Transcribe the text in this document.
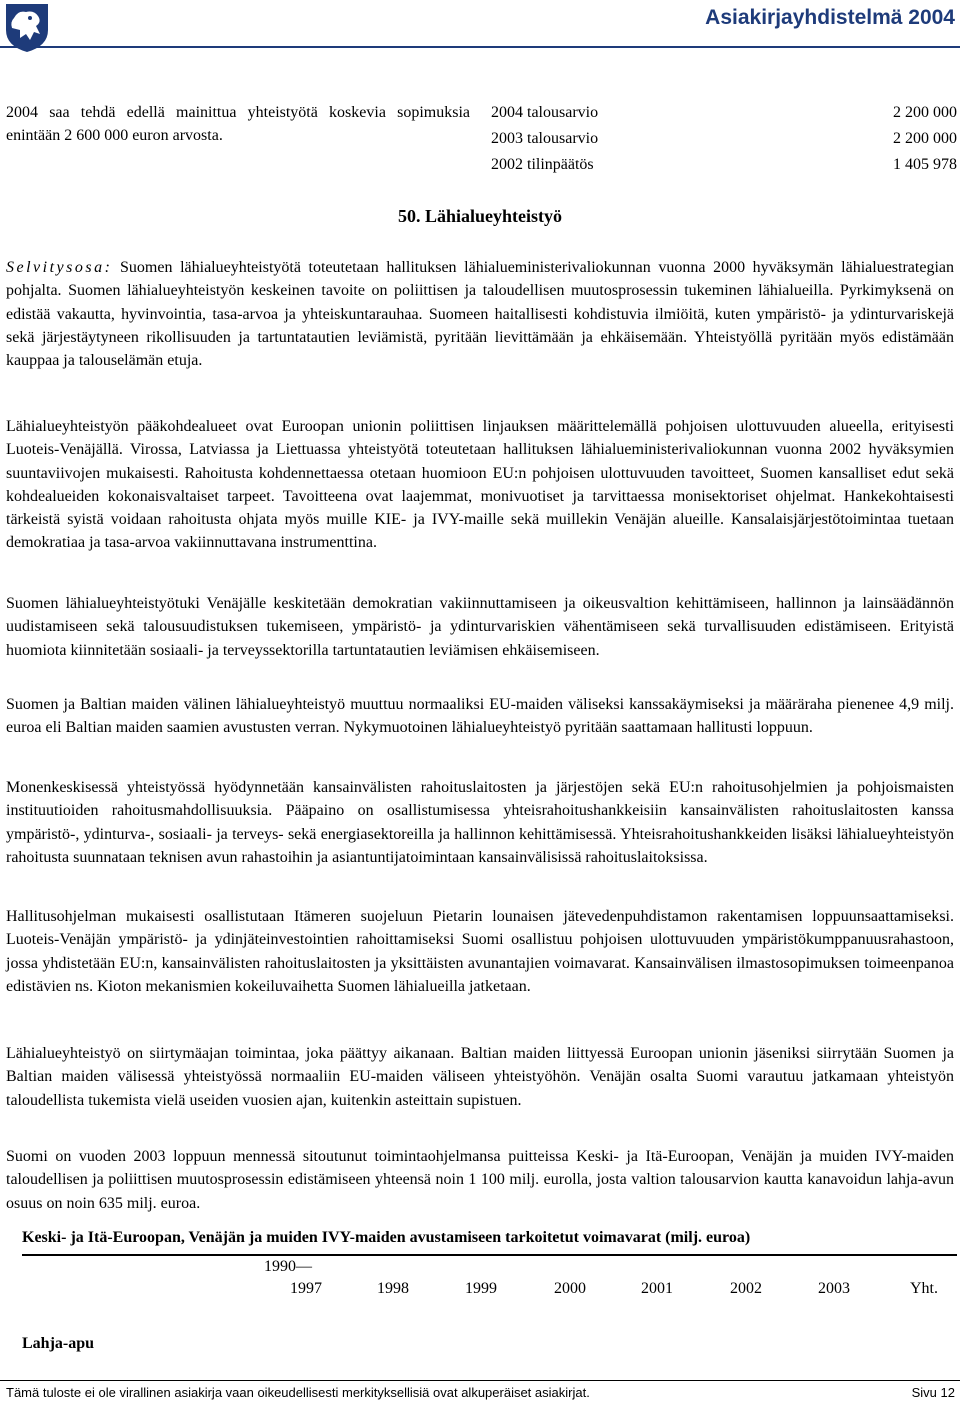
Asiakirjayhdistelmä 2004
2004 saa tehdä edellä mainittua yhteistyötä koskevia sopimuksia enintään 2 600 000 euron arvosta.
2004 talousarvio	2 200 000
2003 talousarvio	2 200 000
2002 tilinpäätös	1 405 978
50. Lähialueyhteistyö

Selvitysosa: Suomen lähialueyhteistyötä toteutetaan hallituksen lähialueministerivaliokunnan vuonna 2000 hyväksymän lähialuestrategian pohjalta. Suomen lähialueyhteistyön keskeinen tavoite on poliittisen ja taloudellisen muutosprosessin tukeminen lähialueilla. Pyrkimyksenä on edistää vakautta, hyvinvointia, tasa-arvoa ja yhteiskuntarauhaa. Suomeen haitallisesti kohdistuvia ilmiöitä, kuten ympäristö- ja ydinturvariskejä sekä järjestäytyneen rikollisuuden ja tartuntatautien leviämistä, pyritään lievittämään ja ehkäisemään. Yhteistyöllä pyritään myös edistämään kauppaa ja talouselämän etuja.

Lähialueyhteistyön pääkohdealueet ovat Euroopan unionin poliittisen linjauksen määrittelemällä pohjoisen ulottuvuuden alueella, erityisesti Luoteis-Venäjällä. Virossa, Latviassa ja Liettuassa yhteistyötä toteutetaan hallituksen lähialueministerivaliokunnan vuonna 2002 hyväksymien suuntaviivojen mukaisesti. Rahoitusta kohdennettaessa otetaan huomioon EU:n pohjoisen ulottuvuuden tavoitteet, Suomen kansalliset edut sekä kohdealueiden kokonaisvaltaiset tarpeet. Tavoitteena ovat laajemmat, monivuotiset ja tarvittaessa monisektoriset ohjelmat. Hankekohtaisesti tärkeistä syistä voidaan rahoitusta ohjata myös muille KIE- ja IVY-maille sekä muillekin Venäjän alueille. Kansalaisjärjestötoimintaa tuetaan demokratiaa ja tasa-arvoa vakiinnuttavana instrumenttina.

Suomen lähialueyhteistyötuki Venäjälle keskitetään demokratian vakiinnuttamiseen ja oikeusvaltion kehittämiseen, hallinnon ja lainsäädännön uudistamiseen sekä talousuudistuksen tukemiseen, ympäristö- ja ydinturvariskien vähentämiseen sekä turvallisuuden edistämiseen. Erityistä huomiota kiinnitetään sosiaali- ja terveyssektorilla tartuntatautien leviämisen ehkäisemiseen.

Suomen ja Baltian maiden välinen lähialueyhteistyö muuttuu normaaliksi EU-maiden väliseksi kanssakäymiseksi ja määräraha pienenee 4,9 milj. euroa eli Baltian maiden saamien avustusten verran. Nykymuotoinen lähialueyhteistyö pyritään saattamaan hallitusti loppuun.

Monenkeskisessä yhteistyössä hyödynnetään kansainvälisten rahoituslaitosten ja järjestöjen sekä EU:n rahoitusohjelmien ja pohjoismaisten instituutioiden rahoitusmahdollisuuksia. Pääpaino on osallistumisessa yhteisrahoitushankkeisiin kansainvälisten rahoituslaitosten kanssa ympäristö-, ydinturva-, sosiaali- ja terveys- sekä energiasektoreilla ja hallinnon kehittämisessä. Yhteisrahoitushankkeiden lisäksi lähialueyhteistyön rahoitusta suunnataan teknisen avun rahastoihin ja asiantuntijatoimintaan kansainvälisissä rahoituslaitoksissa.

Hallitusohjelman mukaisesti osallistutaan Itämeren suojeluun Pietarin lounaisen jätevedenpuhdistamon rakentamisen loppuunsaattamiseksi. Luoteis-Venäjän ympäristö- ja ydinjäteinvestointien rahoittamiseksi Suomi osallistuu pohjoisen ulottuvuuden ympäristökumppanuusrahastoon, jossa yhdistetään EU:n, kansainvälisten rahoituslaitosten ja yksittäisten avunantajien voimavarat. Kansainvälisen ilmastosopimuksen toimeenpanoa edistävien ns. Kioton mekanismien kokeiluvaihetta Suomen lähialueilla jatketaan.

Lähialueyhteistyö on siirtymäajan toimintaa, joka päättyy aikanaan. Baltian maiden liittyessä Euroopan unionin jäseniksi siirrytään Suomen ja Baltian maiden välisessä yhteistyössä normaaliin EU-maiden väliseen yhteistyöhön. Venäjän osalta Suomi varautuu jatkamaan yhteistyön taloudellista tukemista vielä useiden vuosien ajan, kuitenkin asteittain supistuen.

Suomi on vuoden 2003 loppuun mennessä sitoutunut toimintaohjelmansa puitteissa Keski- ja Itä-Euroopan, Venäjän ja muiden IVY-maiden taloudellisen ja poliittisen muutosprosessin edistämiseen yhteensä noin 1 100 milj. eurolla, josta valtion talousarvion kautta kanavoidun lahja-avun osuus on noin 635 milj. euroa.

Keski- ja Itä-Euroopan, Venäjän ja muiden IVY-maiden avustamiseen tarkoitetut voimavarat (milj. euroa)
1990—
1997	1998	1999	2000	2001	2002	2003	Yht.
Lahja-apu
Tämä tuloste ei ole virallinen asiakirja vaan oikeudellisesti merkityksellisiä ovat alkuperäiset asiakirjat.	Sivu 12
